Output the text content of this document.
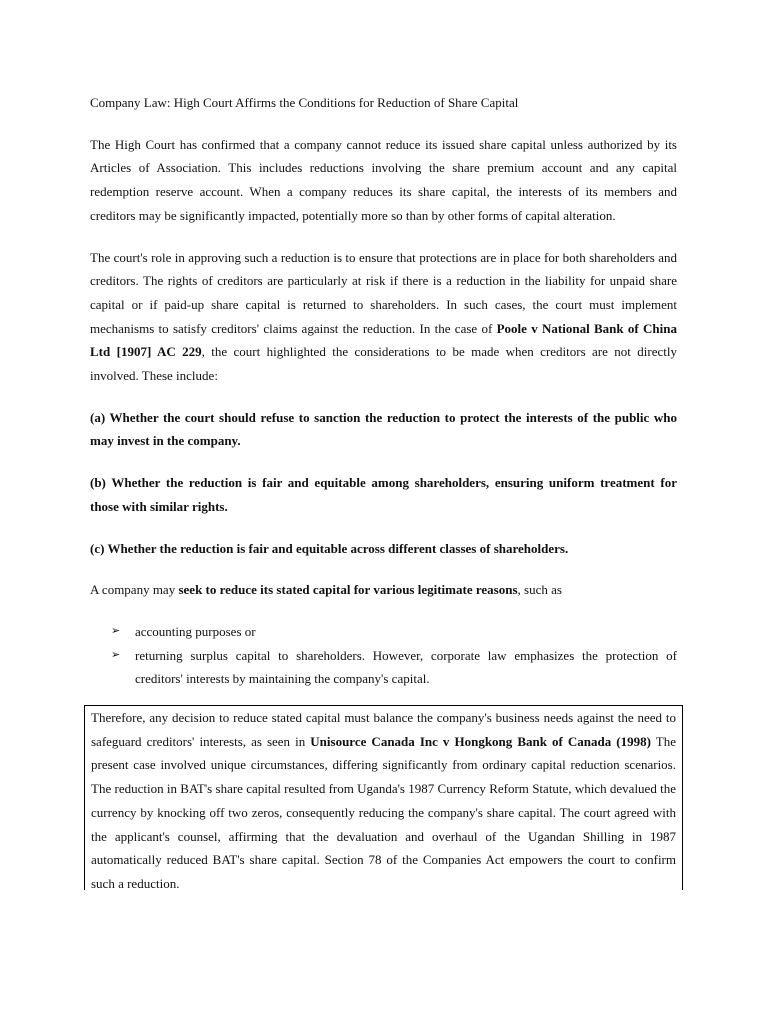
Company Law: High Court Affirms the Conditions for Reduction of Share Capital

The High Court has confirmed that a company cannot reduce its issued share capital unless authorized by its Articles of Association. This includes reductions involving the share premium account and any capital redemption reserve account. When a company reduces its share capital, the interests of its members and creditors may be significantly impacted, potentially more so than by other forms of capital alteration.

The court's role in approving such a reduction is to ensure that protections are in place for both shareholders and creditors. The rights of creditors are particularly at risk if there is a reduction in the liability for unpaid share capital or if paid-up share capital is returned to shareholders. In such cases, the court must implement mechanisms to satisfy creditors' claims against the reduction. In the case of Poole v National Bank of China Ltd [1907] AC 229, the court highlighted the considerations to be made when creditors are not directly involved. These include:

(a) Whether the court should refuse to sanction the reduction to protect the interests of the public who may invest in the company.

(b) Whether the reduction is fair and equitable among shareholders, ensuring uniform treatment for those with similar rights.

(c) Whether the reduction is fair and equitable across different classes of shareholders.

A company may seek to reduce its stated capital for various legitimate reasons, such as

➢ accounting purposes or
➢ returning surplus capital to shareholders. However, corporate law emphasizes the protection of creditors' interests by maintaining the company's capital.

Therefore, any decision to reduce stated capital must balance the company's business needs against the need to safeguard creditors' interests, as seen in Unisource Canada Inc v Hongkong Bank of Canada (1998) The present case involved unique circumstances, differing significantly from ordinary capital reduction scenarios. The reduction in BAT's share capital resulted from Uganda's 1987 Currency Reform Statute, which devalued the currency by knocking off two zeros, consequently reducing the company's share capital. The court agreed with the applicant's counsel, affirming that the devaluation and overhaul of the Ugandan Shilling in 1987 automatically reduced BAT's share capital. Section 78 of the Companies Act empowers the court to confirm such a reduction.
